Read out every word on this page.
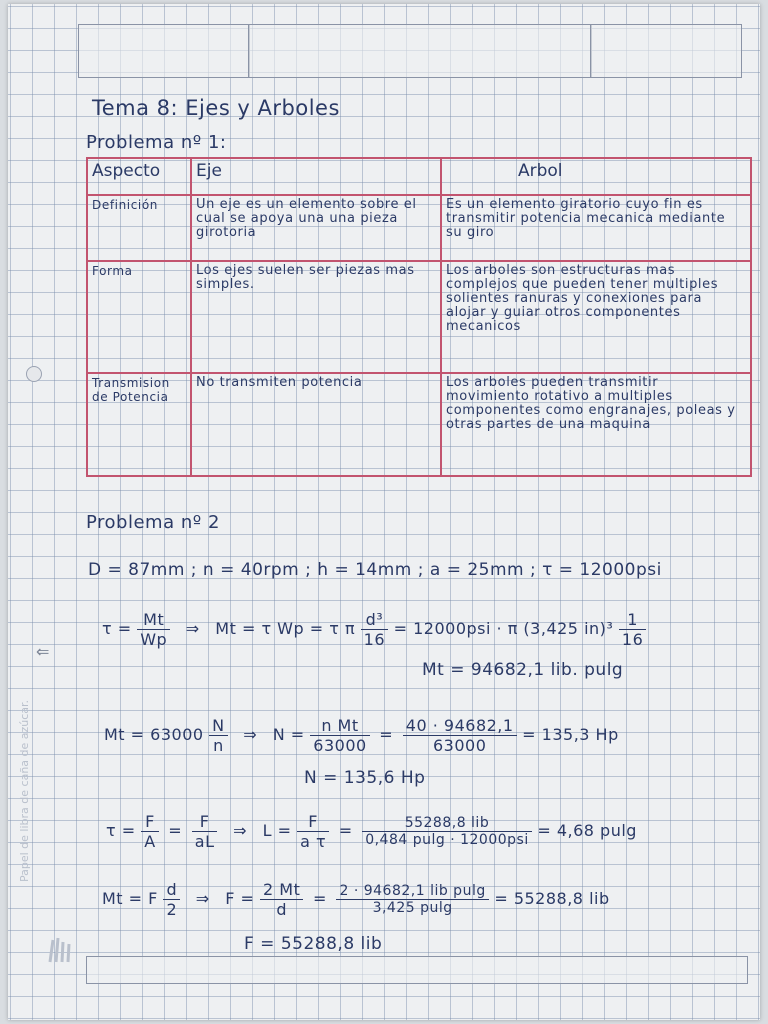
⇐
Tema 8: Ejes y Arboles
Problema nº 1:
Aspecto	Eje	Arbol
Definición	Un eje es un elemento sobre el cual se apoya una una pieza girotoria	Es un elemento giratorio cuyo fin es transmitir potencia mecanica mediante su giro
Forma	Los ejes suelen ser piezas mas simples.	Los arboles son estructuras mas complejos que pueden tener multiples solientes ranuras y conexiones para alojar y guiar otros componentes mecanicos
Transmision de Potencia	No transmiten potencia	Los arboles pueden transmitir movimiento rotativo a multiples componentes como engranajes, poleas y otras partes de una maquina
Problema nº 2
D = 87mm ; n = 40rpm ; h = 14mm ; a = 25mm ; τ = 12000psi
$\tau = \frac{Mt}{Wp}$ ⇒ Mt = τ Wp = τ π $\frac{\text{d³}}{16} = 12000psi \cdot \pi$ (3,425 $in)^3 \frac{1}{16}$
Mt = 94682,1 lib. pulg
$Mt = 63000 \frac{N}{n}$ ⇒ $N = \frac{\text{n Mt}}{63000} = \frac{40 \cdot 94682,1}{63000} = 135,3$ Hp
N = 135,6 Hp
$\tau = \frac{F}{A} = \frac{F}{aL}$ ⇒ $L = \frac{F}{\text{a τ}} = \frac{\text{55288,8 lib}}{\text{0,484 pulg · 12000psi}} = 4,68$ pulg
Mt = F $\frac{d}{2}$ ⇒ $F = \frac{2 Mt}{d} = \frac{\text{2 · 94682,1 lib pulg}}{3,425 pulg} = 55288,8$ lib
F = 55288,8 lib
Papel de libra de caña de azúcar.
